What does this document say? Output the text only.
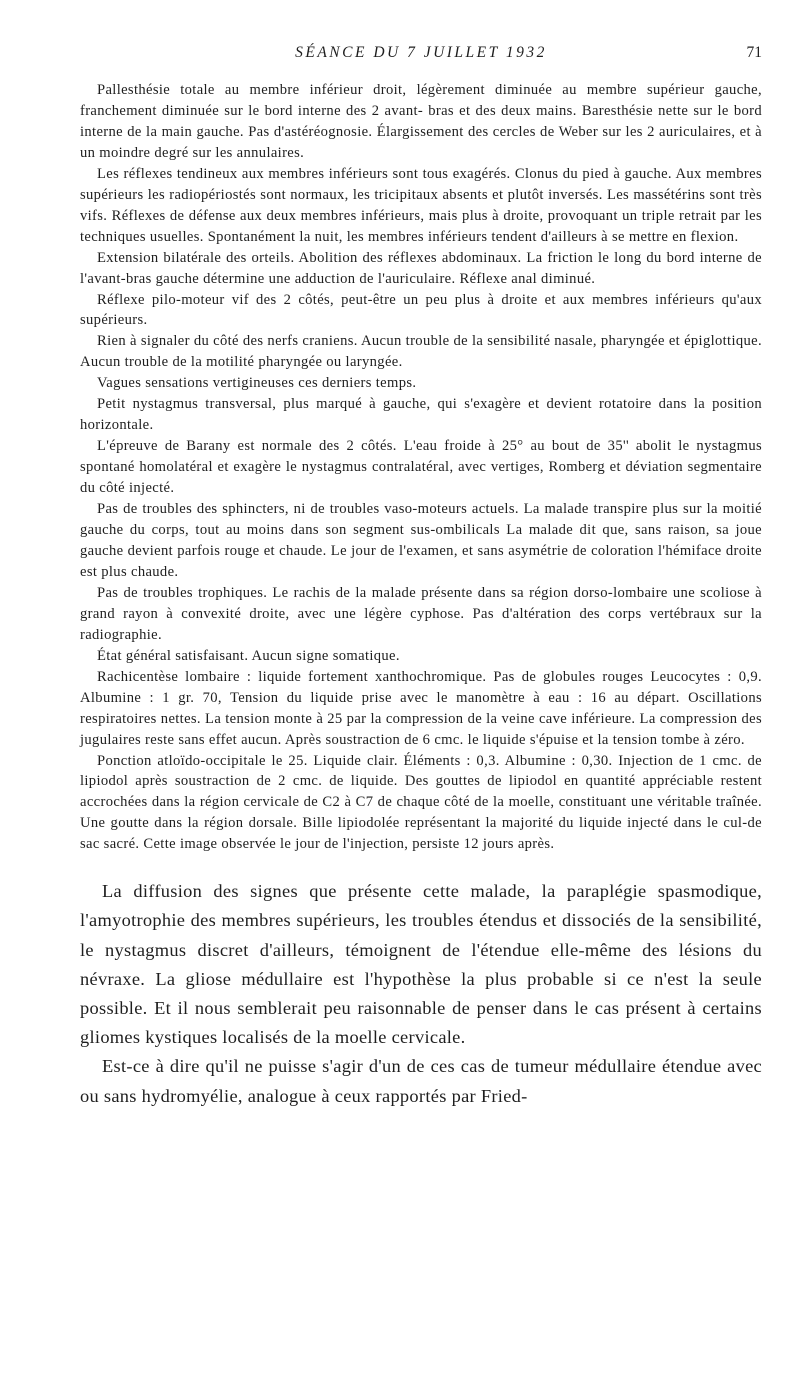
SÉANCE DU 7 JUILLET 1932	71

Pallesthésie totale au membre inférieur droit, légèrement diminuée au membre supérieur gauche, franchement diminuée sur le bord interne des 2 avant- bras et des deux mains. Baresthésie nette sur le bord interne de la main gauche. Pas d'astéréognosie. Élargissement des cercles de Weber sur les 2 auriculaires, et à un moindre degré sur les annulaires.

Les réflexes tendineux aux membres inférieurs sont tous exagérés. Clonus du pied à gauche. Aux membres supérieurs les radiopériostés sont normaux, les tricipitaux absents et plutôt inversés. Les massétérins sont très vifs. Réflexes de défense aux deux membres inférieurs, mais plus à droite, provoquant un triple retrait par les techniques usuelles. Spontanément la nuit, les membres inférieurs tendent d'ailleurs à se mettre en flexion.

Extension bilatérale des orteils. Abolition des réflexes abdominaux. La friction le long du bord interne de l'avant-bras gauche détermine une adduction de l'auriculaire. Réflexe anal diminué.

Réflexe pilo-moteur vif des 2 côtés, peut-être un peu plus à droite et aux membres inférieurs qu'aux supérieurs.

Rien à signaler du côté des nerfs craniens. Aucun trouble de la sensibilité nasale, pharyngée et épiglottique. Aucun trouble de la motilité pharyngée ou laryngée.

Vagues sensations vertigineuses ces derniers temps.

Petit nystagmus transversal, plus marqué à gauche, qui s'exagère et devient rotatoire dans la position horizontale.

L'épreuve de Barany est normale des 2 côtés. L'eau froide à 25° au bout de 35'' abolit le nystagmus spontané homolatéral et exagère le nystagmus contralatéral, avec vertiges, Romberg et déviation segmentaire du côté injecté.

Pas de troubles des sphincters, ni de troubles vaso-moteurs actuels. La malade transpire plus sur la moitié gauche du corps, tout au moins dans son segment sus-ombilicals La malade dit que, sans raison, sa joue gauche devient parfois rouge et chaude. Le jour de l'examen, et sans asymétrie de coloration l'hémiface droite est plus chaude.

Pas de troubles trophiques. Le rachis de la malade présente dans sa région dorso-lombaire une scoliose à grand rayon à convexité droite, avec une légère cyphose. Pas d'altération des corps vertébraux sur la radiographie.

État général satisfaisant. Aucun signe somatique.

Rachicentèse lombaire : liquide fortement xanthochromique. Pas de globules rouges Leucocytes : 0,9. Albumine : 1 gr. 70, Tension du liquide prise avec le manomètre à eau : 16 au départ. Oscillations respiratoires nettes. La tension monte à 25 par la compression de la veine cave inférieure. La compression des jugulaires reste sans effet aucun. Après soustraction de 6 cmc. le liquide s'épuise et la tension tombe à zéro.

Ponction atloïdo-occipitale le 25. Liquide clair. Éléments : 0,3. Albumine : 0,30. Injection de 1 cmc. de lipiodol après soustraction de 2 cmc. de liquide. Des gouttes de lipiodol en quantité appréciable restent accrochées dans la région cervicale de C2 à C7 de chaque côté de la moelle, constituant une véritable traînée. Une goutte dans la région dorsale. Bille lipiodolée représentant la majorité du liquide injecté dans le cul-de sac sacré. Cette image observée le jour de l'injection, persiste 12 jours après.

La diffusion des signes que présente cette malade, la paraplégie spasmodique, l'amyotrophie des membres supérieurs, les troubles étendus et dissociés de la sensibilité, le nystagmus discret d'ailleurs, témoignent de l'étendue elle-même des lésions du névraxe. La gliose médullaire est l'hypothèse la plus probable si ce n'est la seule possible. Et il nous semblerait peu raisonnable de penser dans le cas présent à certains gliomes kystiques localisés de la moelle cervicale.

Est-ce à dire qu'il ne puisse s'agir d'un de ces cas de tumeur médullaire étendue avec ou sans hydromyélie, analogue à ceux rapportés par Fried-
